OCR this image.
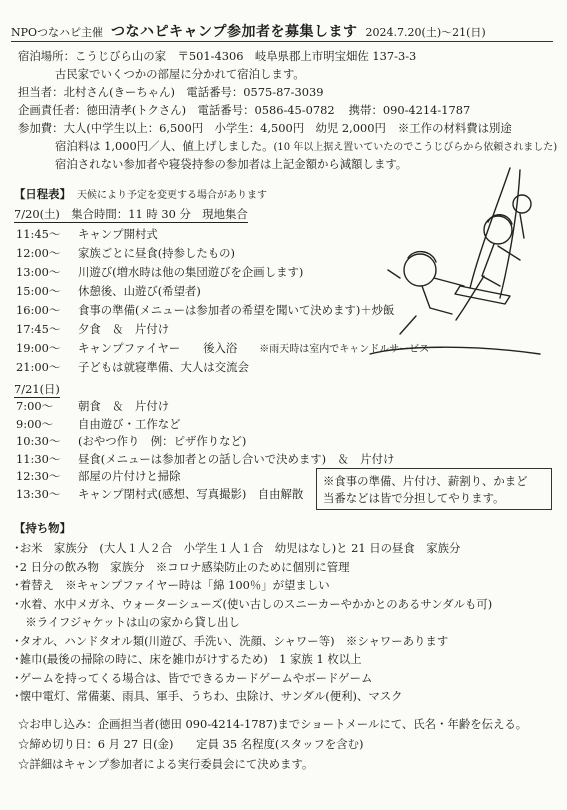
NPOつなハピ主催 つなハピキャンプ参加者を募集します 2024.7.20(土)～21(日)
宿泊場所：こうじびら山の家　〒501-4306　岐阜県郡上市明宝畑佐 137-3-3
古民家でいくつかの部屋に分かれて宿泊します。
担当者：北村さん(きーちゃん)　電話番号：0575-87-3039
企画責任者：徳田清孝(トクさん)　電話番号：0586-45-0782 携帯：090-4214-1787
参加費：大人(中学生以上：6,500円　小学生：4,500円　幼児 2,000円 ※工作の材料費は別途
宿泊料は 1,000円／人、値上げしました。(10 年以上据え置いていたのでこうじびらから依頼されました)
宿泊されない参加者や寝袋持参の参加者は上記金額から減額します。
【日程表】 天候により予定を変更する場合があります
7/20(土)　集合時間：11 時 30 分　現地集合
11:45～ キャンプ開村式
12:00～ 家族ごとに昼食(持参したもの)
13:00～ 川遊び(増水時は他の集団遊びを企画します)
15:00～ 休憩後、山遊び(希望者)
16:00～ 食事の準備(メニューは参加者の希望を聞いて決めます)＋炒飯
17:45～ 夕食　＆　片付け
19:00～ キャンプファイヤー　　後入浴 ※雨天時は室内でキャンドルサービス
21:00～ 子どもは就寝準備、大人は交流会
7/21(日)
7:00～ 朝食　＆　片付け
9:00～ 自由遊び・工作など
10:30～ (おやつ作り　例：ピザ作りなど)
11:30～ 昼食(メニューは参加者との話し合いで決めます)　＆　片付け
12:30～ 部屋の片付けと掃除
13:30～ キャンプ閉村式(感想、写真撮影)　自由解散
※食事の準備、片付け、薪割り、かまど
当番などは皆で分担してやります。
【持ち物】
･お米　家族分　(大人１人２合　小学生１人１合　幼児はなし)と 21 日の昼食　家族分
･2 日分の飲み物　家族分　※コロナ感染防止のために個別に管理
･着替え　※キャンプファイヤー時は「綿 100％」が望ましい
･水着、水中メガネ、ウォーターシューズ(使い古しのスニーカーやかかとのあるサンダルも可)
　※ライフジャケットは山の家から貸し出し
･タオル、ハンドタオル類(川遊び、手洗い、洗顔、シャワー等)　※シャワーあります
･雑巾(最後の掃除の時に、床を雑巾がけするため)　1 家族 1 枚以上
･ゲームを持ってくる場合は、皆でできるカードゲームやボードゲーム
･懐中電灯、常備薬、雨具、軍手、うちわ、虫除け、サンダル(便利)、マスク
☆お申し込み：企画担当者(徳田 090-4214-1787)までショートメールにて、氏名・年齢を伝える。
☆締め切り日：6 月 27 日(金)　　定員 35 名程度(スタッフを含む)
☆詳細はキャンプ参加者による実行委員会にて決めます。
